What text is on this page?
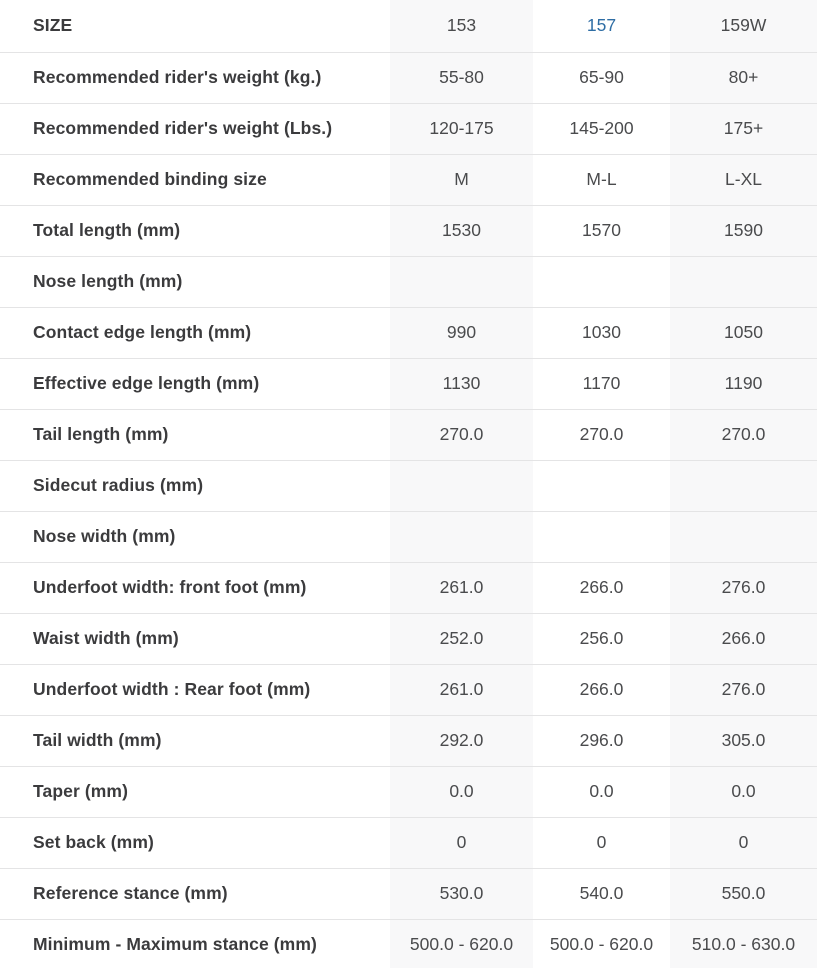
SIZE	153	157	159W
Recommended rider's weight (kg.)	55-80	65-90	80+
Recommended rider's weight (Lbs.)	120-175	145-200	175+
Recommended binding size	M	M-L	L-XL
Total length (mm)	1530	1570	1590
Nose length (mm)			
Contact edge length (mm)	990	1030	1050
Effective edge length (mm)	1130	1170	1190
Tail length (mm)	270.0	270.0	270.0
Sidecut radius (mm)			
Nose width (mm)			
Underfoot width: front foot (mm)	261.0	266.0	276.0
Waist width (mm)	252.0	256.0	266.0
Underfoot width : Rear foot (mm)	261.0	266.0	276.0
Tail width (mm)	292.0	296.0	305.0
Taper (mm)	0.0	0.0	0.0
Set back (mm)	0	0	0
Reference stance (mm)	530.0	540.0	550.0
Minimum - Maximum stance (mm)	500.0 - 620.0	500.0 - 620.0	510.0 - 630.0
